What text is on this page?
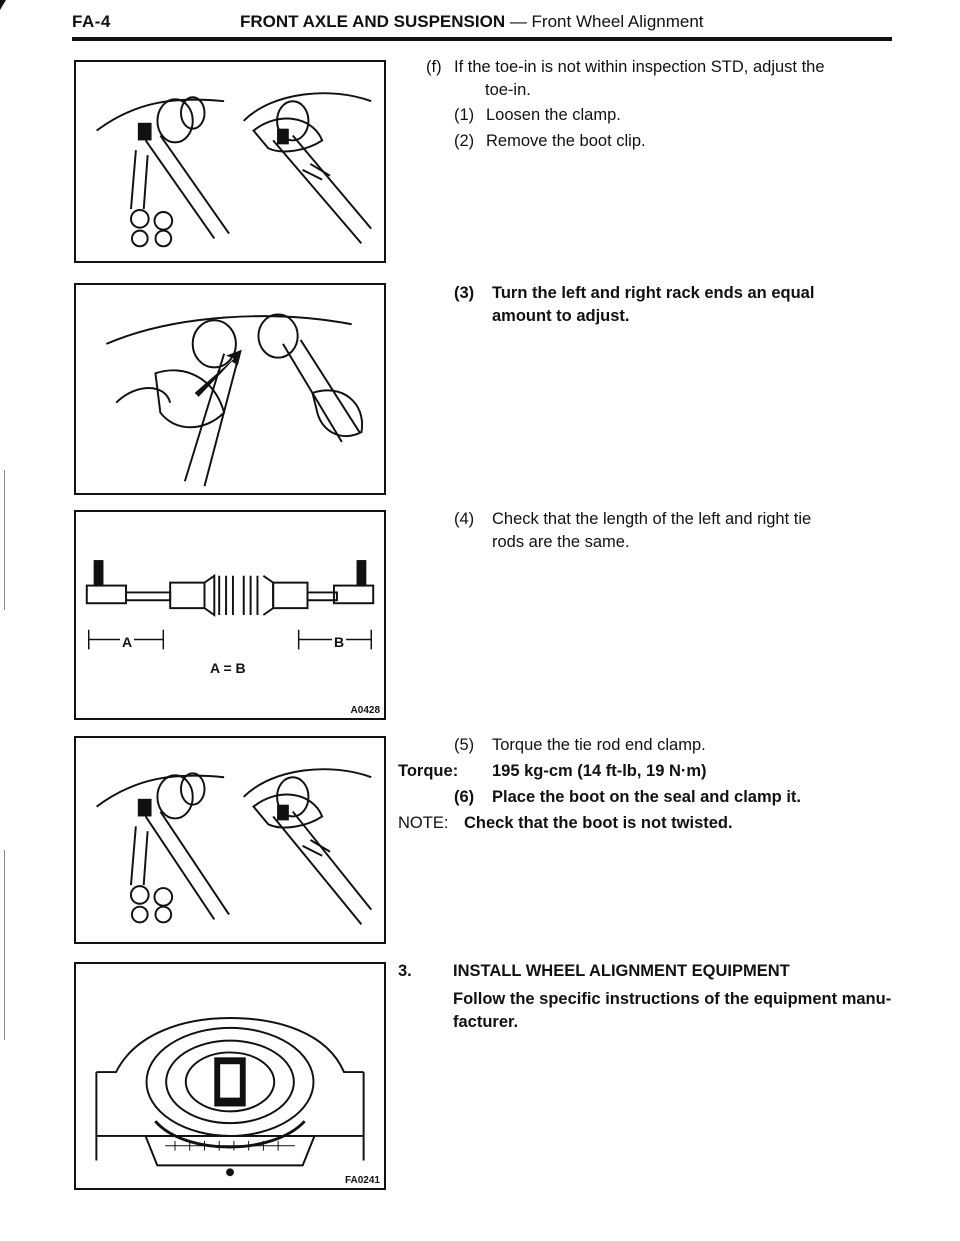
FA-4	FRONT AXLE AND SUSPENSION — Front Wheel Alignment
A	B
A = B
A0428
FA0241
(f) If the toe-in is not within inspection STD, adjust the
toe-in.
(1) Loosen the clamp.
(2) Remove the boot clip.
(3) Turn the left and right rack ends an equal
amount to adjust.
(4) Check that the length of the left and right tie
rods are the same.
(5) Torque the tie rod end clamp.
Torque: 195 kg-cm (14 ft-lb, 19 N·m)
(6) Place the boot on the seal and clamp it.
NOTE: Check that the boot is not twisted.
3. INSTALL WHEEL ALIGNMENT EQUIPMENT
Follow the specific instructions of the equipment manu-
facturer.
